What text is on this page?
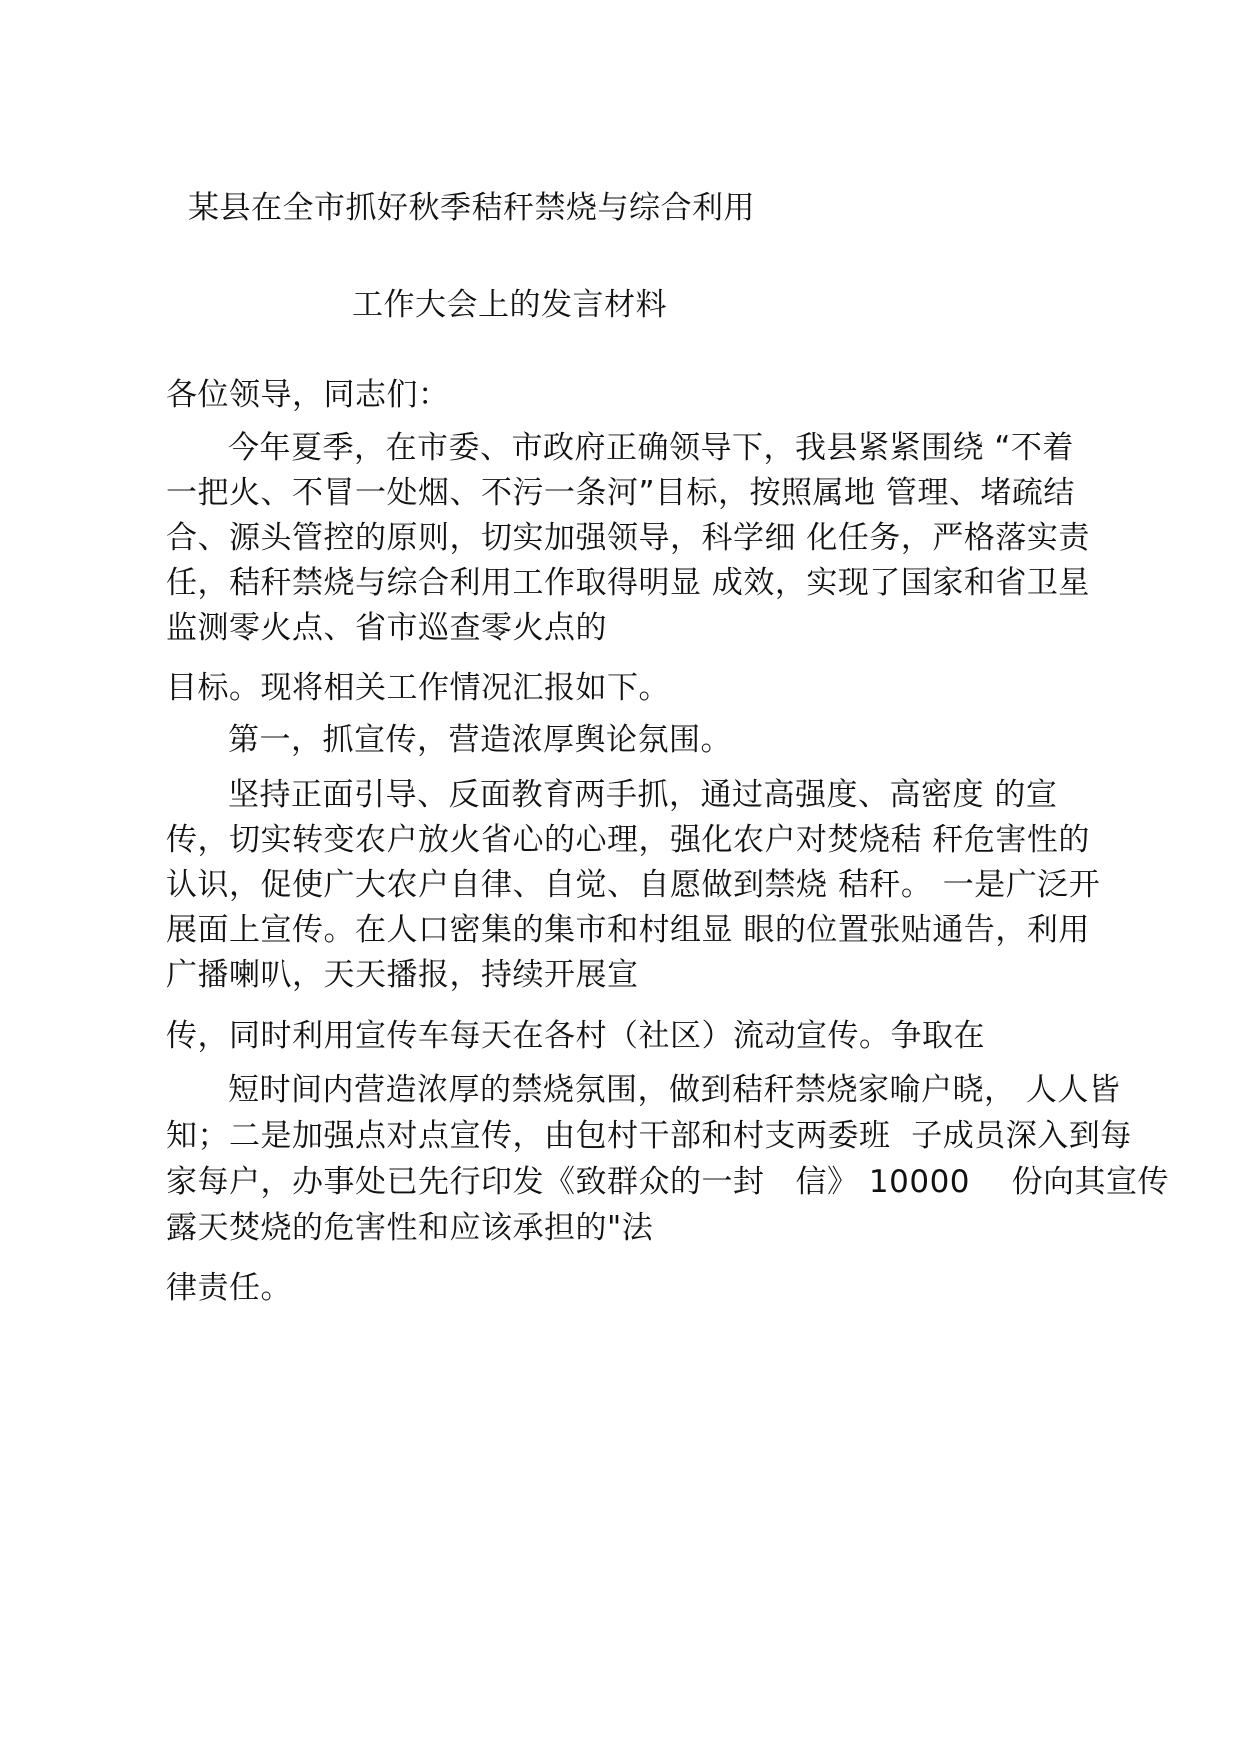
某县在全市抓好秋季秸秆禁烧与综合利用
工作大会上的发言材料
各位领导，同志们：
今年夏季，在市委、市政府正确领导下，我县紧紧围绕 “不着
一把火、不冒一处烟、不污一条河”目标，按照属地 管理、堵疏结
合、源头管控的原则，切实加强领导，科学细 化任务，严格落实责
任，秸秆禁烧与综合利用工作取得明显 成效，实现了国家和省卫星
监测零火点、省市巡查零火点的
目标。现将相关工作情况汇报如下。
第一，抓宣传，营造浓厚舆论氛围。
坚持正面引导、反面教育两手抓，通过高强度、高密度 的宣
传，切实转变农户放火省心的心理，强化农户对焚烧秸 秆危害性的
认识，促使广大农户自律、自觉、自愿做到禁烧 秸秆。 一是广泛开
展面上宣传。在人口密集的集市和村组显 眼的位置张贴通告，利用
广播喇叭，天天播报，持续开展宣
传，同时利用宣传车每天在各村（社区）流动宣传。争取在
短时间内营造浓厚的禁烧氛围，做到秸秆禁烧家喻户晓， 人人皆
知；二是加强点对点宣传，由包村干部和村支两委班  子成员深入到每
家每户，办事处已先行印发《致群众的一封   信》 10000    份向其宣传
露天焚烧的危害性和应该承担的"法
律责任。
